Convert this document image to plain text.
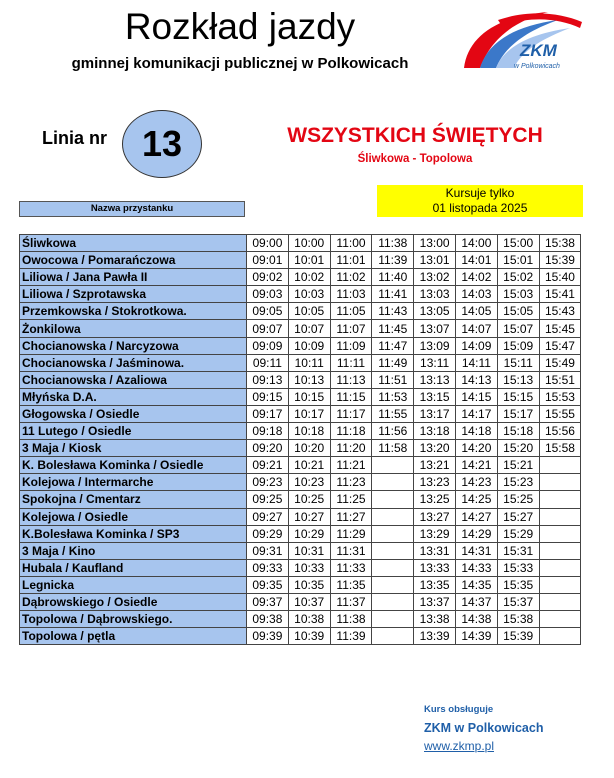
Rozkład jazdy
gminnej komunikacji publicznej w Polkowicach
ZKM
w Polkowicach
Linia nr 13	WSZYSTKICH ŚWIĘTYCH
Śliwkowa - Topolowa
Kursuje tylko
01 listopada 2025
Nazwa przystanku
Śliwkowa	09:00	10:00	11:00	11:38	13:00	14:00	15:00	15:38
Owocowa / Pomarańczowa	09:01	10:01	11:01	11:39	13:01	14:01	15:01	15:39
Liliowa / Jana Pawła II	09:02	10:02	11:02	11:40	13:02	14:02	15:02	15:40
Liliowa / Szprotawska	09:03	10:03	11:03	11:41	13:03	14:03	15:03	15:41
Przemkowska / Stokrotkowa.	09:05	10:05	11:05	11:43	13:05	14:05	15:05	15:43
Żonkilowa	09:07	10:07	11:07	11:45	13:07	14:07	15:07	15:45
Chocianowska / Narcyzowa	09:09	10:09	11:09	11:47	13:09	14:09	15:09	15:47
Chocianowska / Jaśminowa.	09:11	10:11	11:11	11:49	13:11	14:11	15:11	15:49
Chocianowska / Azaliowa	09:13	10:13	11:13	11:51	13:13	14:13	15:13	15:51
Młyńska D.A.	09:15	10:15	11:15	11:53	13:15	14:15	15:15	15:53
Głogowska / Osiedle	09:17	10:17	11:17	11:55	13:17	14:17	15:17	15:55
11 Lutego / Osiedle	09:18	10:18	11:18	11:56	13:18	14:18	15:18	15:56
3 Maja / Kiosk	09:20	10:20	11:20	11:58	13:20	14:20	15:20	15:58
K. Bolesława Kominka / Osiedle	09:21	10:21	11:21		13:21	14:21	15:21	
Kolejowa / Intermarche	09:23	10:23	11:23		13:23	14:23	15:23	
Spokojna / Cmentarz	09:25	10:25	11:25		13:25	14:25	15:25	
Kolejowa / Osiedle	09:27	10:27	11:27		13:27	14:27	15:27	
K.Bolesława Kominka / SP3	09:29	10:29	11:29		13:29	14:29	15:29	
3 Maja / Kino	09:31	10:31	11:31		13:31	14:31	15:31	
Hubala / Kaufland	09:33	10:33	11:33		13:33	14:33	15:33	
Legnicka	09:35	10:35	11:35		13:35	14:35	15:35	
Dąbrowskiego / Osiedle	09:37	10:37	11:37		13:37	14:37	15:37	
Topolowa / Dąbrowskiego.	09:38	10:38	11:38		13:38	14:38	15:38	
Topolowa / pętla	09:39	10:39	11:39		13:39	14:39	15:39	
Kurs obsługuje
ZKM w Polkowicach
www.zkmp.pl
